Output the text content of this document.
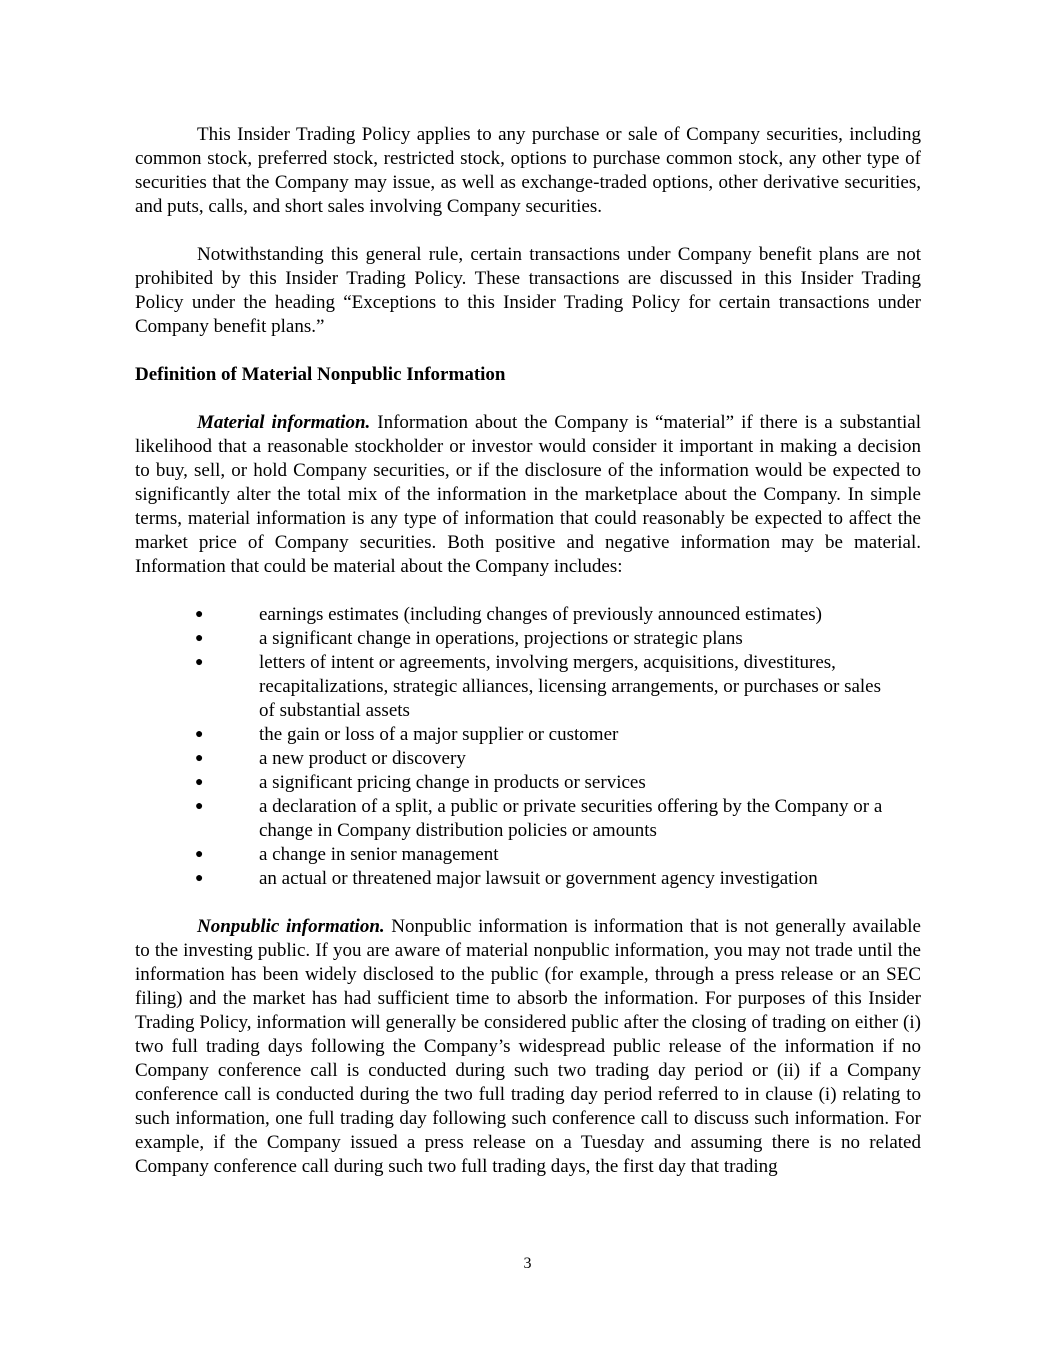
This Insider Trading Policy applies to any purchase or sale of Company securities, including common stock, preferred stock, restricted stock, options to purchase common stock, any other type of securities that the Company may issue, as well as exchange-traded options, other derivative securities, and puts, calls, and short sales involving Company securities.

Notwithstanding this general rule, certain transactions under Company benefit plans are not prohibited by this Insider Trading Policy. These transactions are discussed in this Insider Trading Policy under the heading “Exceptions to this Insider Trading Policy for certain transactions under Company benefit plans.”

Definition of Material Nonpublic Information

Material information. Information about the Company is “material” if there is a substantial likelihood that a reasonable stockholder or investor would consider it important in making a decision to buy, sell, or hold Company securities, or if the disclosure of the information would be expected to significantly alter the total mix of the information in the marketplace about the Company. In simple terms, material information is any type of information that could reasonably be expected to affect the market price of Company securities. Both positive and negative information may be material. Information that could be material about the Company includes:

●	earnings estimates (including changes of previously announced estimates)
●	a significant change in operations, projections or strategic plans
●	letters of intent or agreements, involving mergers, acquisitions, divestitures, recapitalizations, strategic alliances, licensing arrangements, or purchases or sales of substantial assets
●	the gain or loss of a major supplier or customer
●	a new product or discovery
●	a significant pricing change in products or services
●	a declaration of a split, a public or private securities offering by the Company or a change in Company distribution policies or amounts
●	a change in senior management
●	an actual or threatened major lawsuit or government agency investigation

Nonpublic information. Nonpublic information is information that is not generally available to the investing public. If you are aware of material nonpublic information, you may not trade until the information has been widely disclosed to the public (for example, through a press release or an SEC filing) and the market has had sufficient time to absorb the information. For purposes of this Insider Trading Policy, information will generally be considered public after the closing of trading on either (i) two full trading days following the Company’s widespread public release of the information if no Company conference call is conducted during such two trading day period or (ii) if a Company conference call is conducted during the two full trading day period referred to in clause (i) relating to such information, one full trading day following such conference call to discuss such information. For example, if the Company issued a press release on a Tuesday and assuming there is no related Company conference call during such two full trading days, the first day that trading

3
